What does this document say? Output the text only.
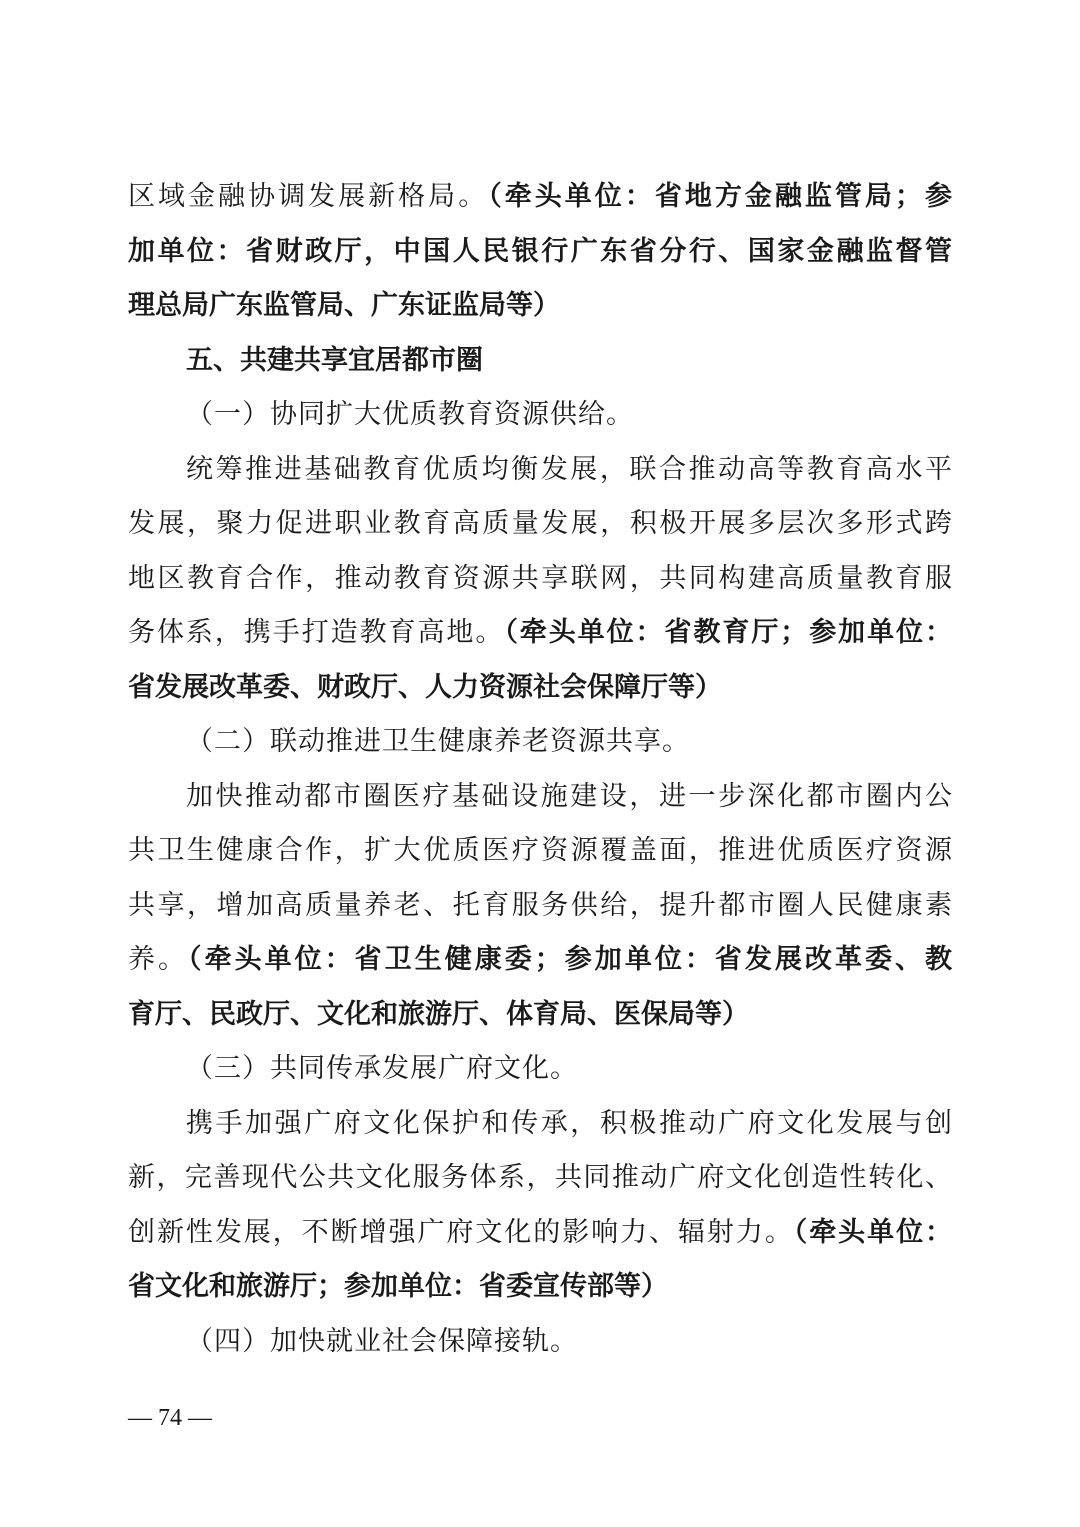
区域金融协调发展新格局。（牵头单位：省地方金融监管局；参
加单位：省财政厅，中国人民银行广东省分行、国家金融监督管
理总局广东监管局、广东证监局等）
五、共建共享宜居都市圈
（一）协同扩大优质教育资源供给。
统筹推进基础教育优质均衡发展，联合推动高等教育高水平
发展，聚力促进职业教育高质量发展，积极开展多层次多形式跨
地区教育合作，推动教育资源共享联网，共同构建高质量教育服
务体系，携手打造教育高地。（牵头单位：省教育厅；参加单位：
省发展改革委、财政厅、人力资源社会保障厅等）
（二）联动推进卫生健康养老资源共享。
加快推动都市圈医疗基础设施建设，进一步深化都市圈内公
共卫生健康合作，扩大优质医疗资源覆盖面，推进优质医疗资源
共享，增加高质量养老、托育服务供给，提升都市圈人民健康素
养。（牵头单位：省卫生健康委；参加单位：省发展改革委、教
育厅、民政厅、文化和旅游厅、体育局、医保局等）
（三）共同传承发展广府文化。
携手加强广府文化保护和传承，积极推动广府文化发展与创
新，完善现代公共文化服务体系，共同推动广府文化创造性转化、
创新性发展，不断增强广府文化的影响力、辐射力。（牵头单位：
省文化和旅游厅；参加单位：省委宣传部等）
（四）加快就业社会保障接轨。
— 74 —
